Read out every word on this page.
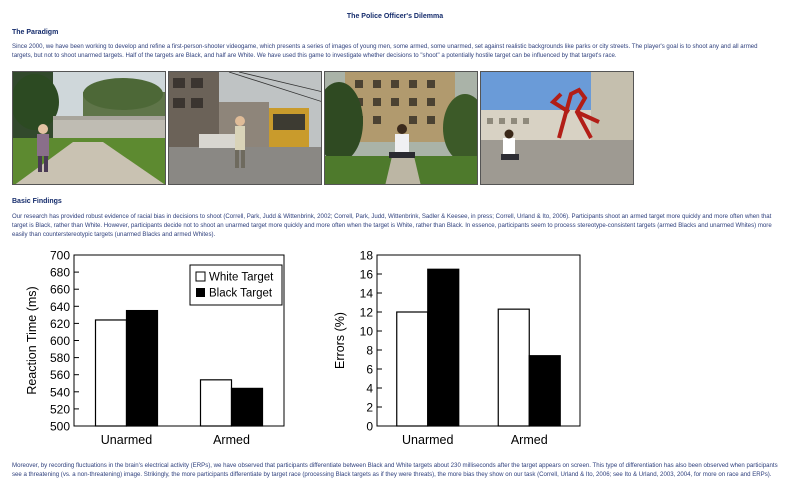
The Police Officer's Dilemma
The Paradigm
Since 2000, we have been working to develop and refine a first-person-shooter videogame, which presents a series of images of young men, some armed, some unarmed, set against realistic backgrounds like parks or city streets. The player's goal is to shoot any and all armed targets, but not to shoot unarmed targets. Half of the targets are Black, and half are White. We have used this game to investigate whether decisions to "shoot" a potentially hostile target can be influenced by that target's race.
Basic Findings
Our research has provided robust evidence of racial bias in decisions to shoot (Correll, Park, Judd & Wittenbrink, 2002; Correll, Park, Judd, Wittenbrink, Sadler & Keesee, in press; Correll, Urland & Ito, 2006). Participants shoot an armed target more quickly and more often when that target is Black, rather than White. However, participants decide not to shoot an unarmed target more quickly and more often when the target is White, rather than Black. In essence, participants seem to process stereotype-consistent targets (armed Blacks and unarmed Whites) more easily than counterstereotypic targets (unarmed Blacks and armed Whites).
500
520
540
560
580
600
620
640
660
680
700
Reaction Time (ms)
Unarmed	Armed
White Target
Black Target
0
2
4
6
8
10
12
14
16
18
Errors (%)
Unarmed	Armed
Moreover, by recording fluctuations in the brain's electrical activity (ERPs), we have observed that participants differentiate between Black and White targets about 230 milliseconds after the target appears on screen. This type of differentiation has also been observed when participants see a threatening (vs. a non-threatening) image. Strikingly, the more participants differentiate by target race (processing Black targets as if they were threats), the more bias they show on our task (Correll, Urland & Ito, 2006; see Ito & Urland, 2003, 2004, for more on race and ERPs).
